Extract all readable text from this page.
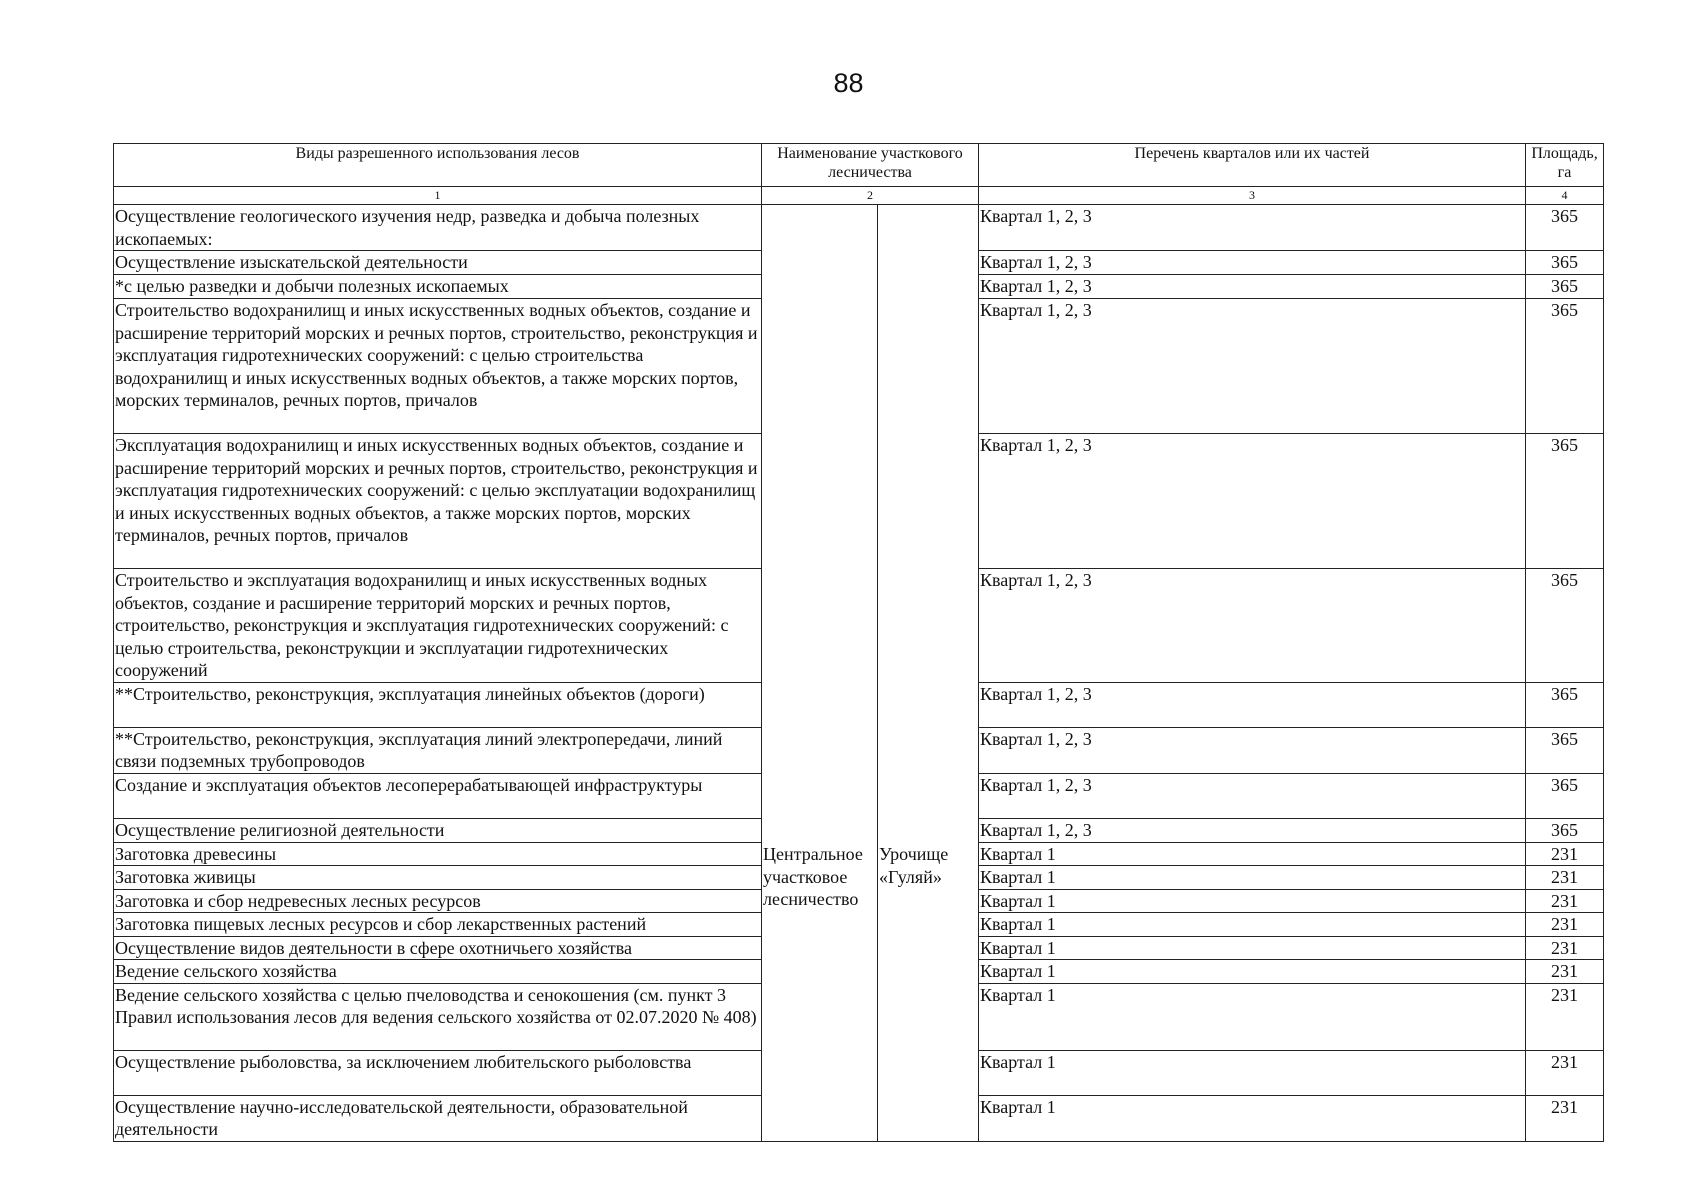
88
Виды разрешенного использования лесов	Наименование участкового лесничества		Перечень кварталов или их частей	Площадь, га
1	2		3	4
Осуществление геологического изучения недр, разведка и добыча полезных ископаемых:	Центральное участковое лесничество	Урочище «Гуляй»	Квартал 1, 2, 3	365
Осуществление изыскательской деятельности			Квартал 1, 2, 3	365
*с целью разведки и добычи полезных ископаемых			Квартал 1, 2, 3	365
Строительство водохранилищ и иных искусственных водных объектов, создание и расширение территорий морских и речных портов, строительство, реконструкция и эксплуатация гидротехнических сооружений: с целью строительства водохранилищ и иных искусственных водных объектов, а также морских портов, морских терминалов, речных портов, причалов			Квартал 1, 2, 3	365
Эксплуатация водохранилищ и иных искусственных водных объектов, создание и расширение территорий морских и речных портов, строительство, реконструкция и эксплуатация гидротехнических сооружений: с целью эксплуатации водохранилищ и иных искусственных водных объектов, а также морских портов, морских терминалов, речных портов, причалов			Квартал 1, 2, 3	365
Строительство и эксплуатация водохранилищ и иных искусственных водных объектов, создание и расширение территорий морских и речных портов, строительство, реконструкция и эксплуатация гидротехнических сооружений: с целью строительства, реконструкции и эксплуатации гидротехнических сооружений			Квартал 1, 2, 3	365
**Строительство, реконструкция, эксплуатация линейных объектов (дороги)			Квартал 1, 2, 3	365
**Строительство, реконструкция, эксплуатация линий электропередачи, линий связи подземных трубопроводов			Квартал 1, 2, 3	365
Создание и эксплуатация объектов лесоперерабатывающей инфраструктуры			Квартал 1, 2, 3	365
Осуществление религиозной деятельности			Квартал 1, 2, 3	365
Заготовка древесины			Квартал 1	231
Заготовка живицы			Квартал 1	231
Заготовка и сбор недревесных лесных ресурсов			Квартал 1	231
Заготовка пищевых лесных ресурсов и сбор лекарственных растений			Квартал 1	231
Осуществление видов деятельности в сфере охотничьего хозяйства			Квартал 1	231
Ведение сельского хозяйства			Квартал 1	231
Ведение сельского хозяйства с целью пчеловодства и сенокошения (см. пункт 3 Правил использования лесов для ведения сельского хозяйства от 02.07.2020 № 408)			Квартал 1	231
Осуществление рыболовства, за исключением любительского рыболовства			Квартал 1	231
Осуществление научно-исследовательской деятельности, образовательной деятельности			Квартал 1	231
